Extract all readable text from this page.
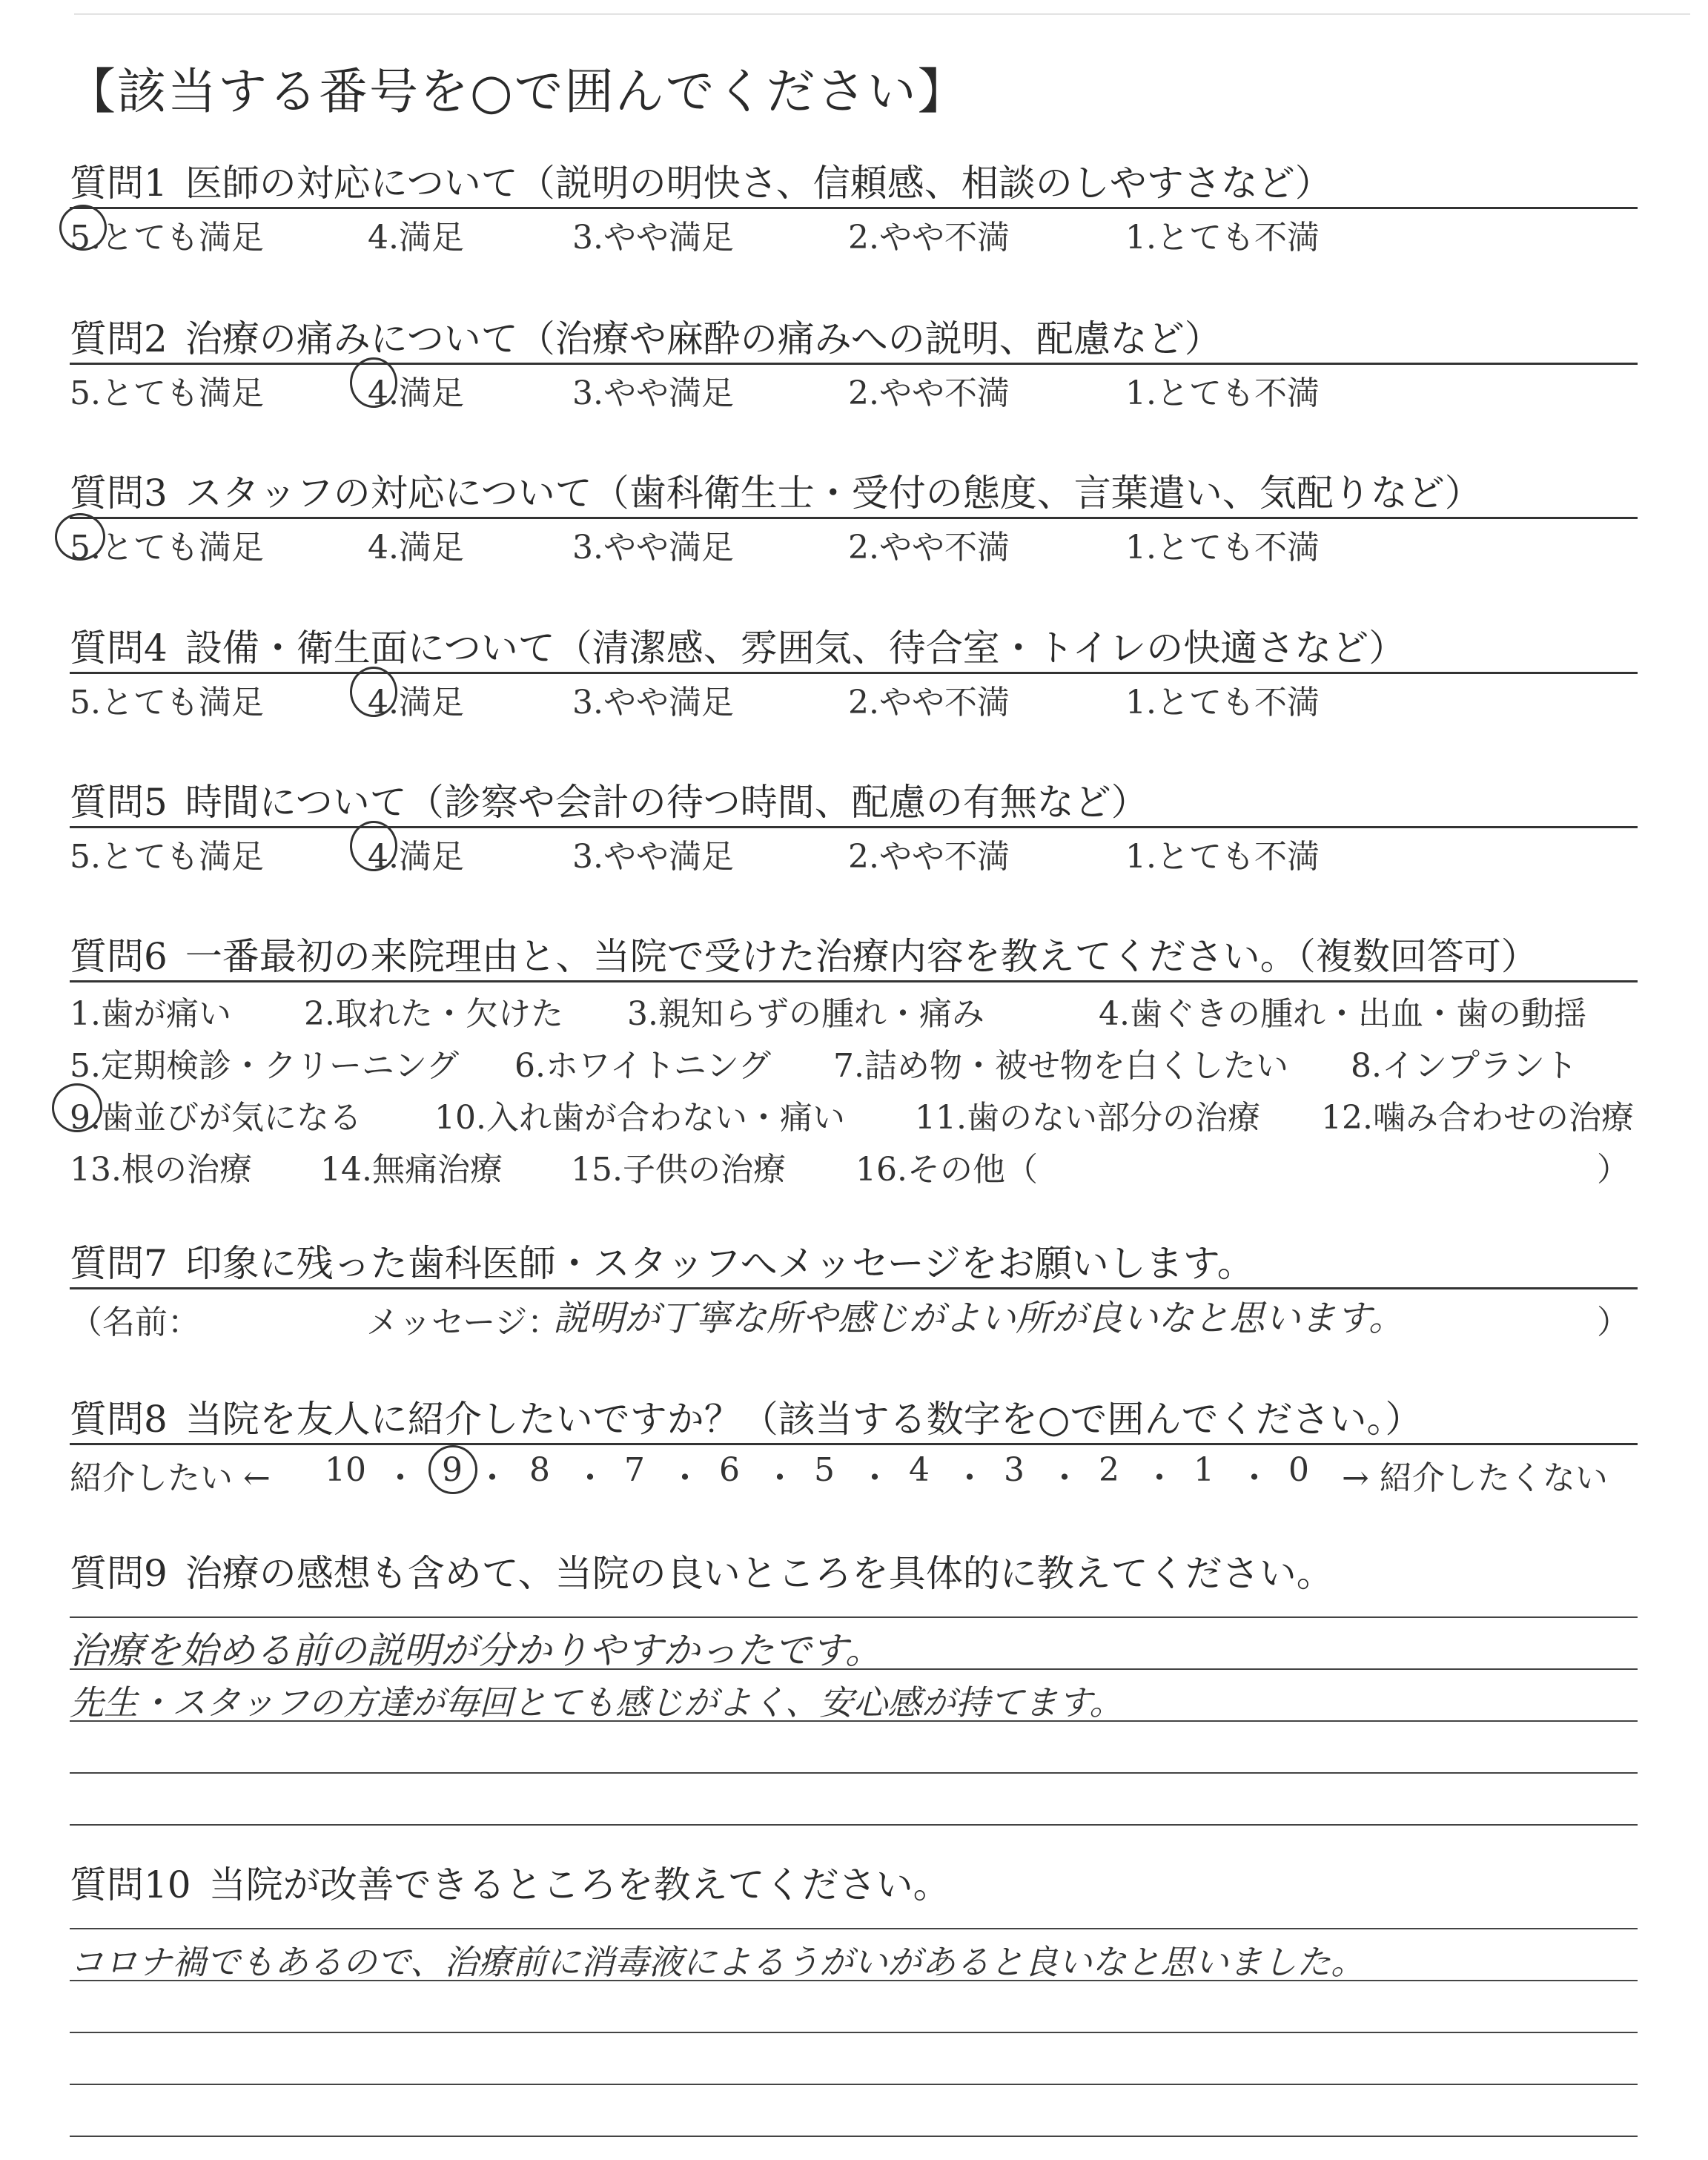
【該当する番号を○で囲んでください】
質問1 医師の対応について（説明の明快さ、信頼感、相談のしやすさなど）
5.とても満足	4.満足	3.やや満足	2.やや不満	1.とても不満
質問2 治療の痛みについて（治療や麻酔の痛みへの説明、配慮など）
5.とても満足	4.満足	3.やや満足	2.やや不満	1.とても不満
質問3 スタッフの対応について（歯科衛生士・受付の態度、言葉遣い、気配りなど）
5.とても満足	4.満足	3.やや満足	2.やや不満	1.とても不満
質問4 設備・衛生面について（清潔感、雰囲気、待合室・トイレの快適さなど）
5.とても満足	4.満足	3.やや満足	2.やや不満	1.とても不満
質問5 時間について（診察や会計の待つ時間、配慮の有無など）
5.とても満足	4.満足	3.やや満足	2.やや不満	1.とても不満
質問6 一番最初の来院理由と、当院で受けた治療内容を教えてください。（複数回答可）
1.歯が痛い 2.取れた・欠けた 3.親知らずの腫れ・痛み	4.歯ぐきの腫れ・出血・歯の動揺
5.定期検診・クリーニング 6.ホワイトニング 7.詰め物・被せ物を白くしたい 8.インプラント
9.歯並びが気になる 10.入れ歯が合わない・痛い 11.歯のない部分の治療 12.噛み合わせの治療
13.根の治療 14.無痛治療 15.子供の治療 16.その他（	）
質問7 印象に残った歯科医師・スタッフへメッセージをお願いします。
（名前：	メッセージ：
説明が丁寧な所や感じがよい所が良いなと思います。	）
質問8 当院を友人に紹介したいですか？（該当する数字を○で囲んでください。）
紹介したい ← 10 ・ 9 ・ 8 ・ 7 ・ 6 ・ 5 ・ 4 ・ 3 ・ 2 ・ 1 ・ 0 → 紹介したくない
質問9 治療の感想も含めて、当院の良いところを具体的に教えてください。
治療を始める前の説明が分かりやすかったです。
先生・スタッフの方達が毎回とても感じがよく、安心感が持てます。
質問10 当院が改善できるところを教えてください。
コロナ禍でもあるので、治療前に消毒液によるうがいがあると良いなと思いました。
